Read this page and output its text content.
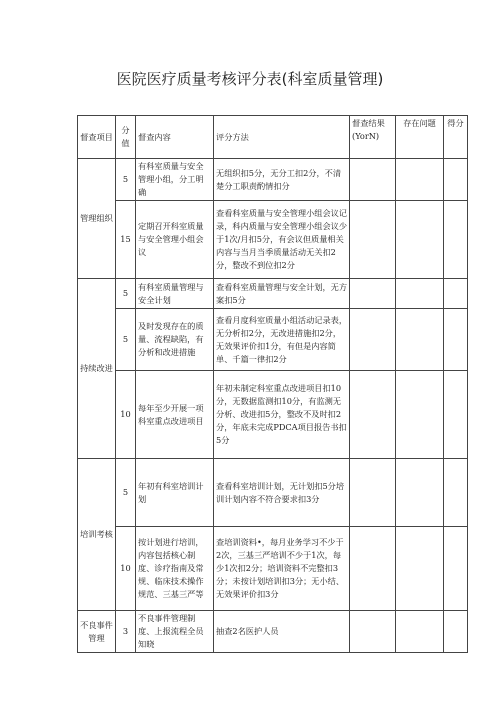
医院医疗质量考核评分表(科室质量管理)
督查项目	分值	督查内容	评分方法	督查结果(YorN)	存在问题	得分
管理组织	5	有科室质量与安全管理小组，分工明确	无组织扣5分，无分工扣2分，不清楚分工职责酌情扣分			
	15	定期召开科室质量与安全管理小组会议	查看科室质量与安全管理小组会议记录，科内质量与安全管理小组会议少于1次/月扣5分，有会议但质量相关内容与当月当季质量活动无关扣2分，整改不到位扣2分			
持续改进	5	有科室质量管理与安全计划	查看科室质量管理与安全计划，无方案扣5分			
	5	及时发现存在的质量、流程缺陷，有分析和改进措施	查看月度科室质量小组活动记录表，无分析扣2分，无改进措施扣2分，无效果评价扣1分，有但是内容简单、千篇一律扣2分			
	10	每年至少开展一项科室重点改进项目	年初未制定科室重点改进项目扣10分，无数据监测扣10分，有监测无分析、改进扣5分，整改不及时扣2分，年底未完成PDCA项目报告书扣5分			
培训考核	5	年初有科室培训计划	查看科室培训计划，无计划扣5分培训计划内容不符合要求扣3分			
	10	按计划进行培训，内容包括核心制度、诊疗指南及常规、临床技术操作规范、三基三严等	查培训资料•，每月业务学习不少于2次，三基三严培训不少于1次，每少1次扣2分；培训资料不完整扣3分；未按计划培训扣3分；无小结、无效果评价扣3分			
不良事件管理	3	不良事件管理制度、上报流程全员知晓	抽查2名医护人员			
